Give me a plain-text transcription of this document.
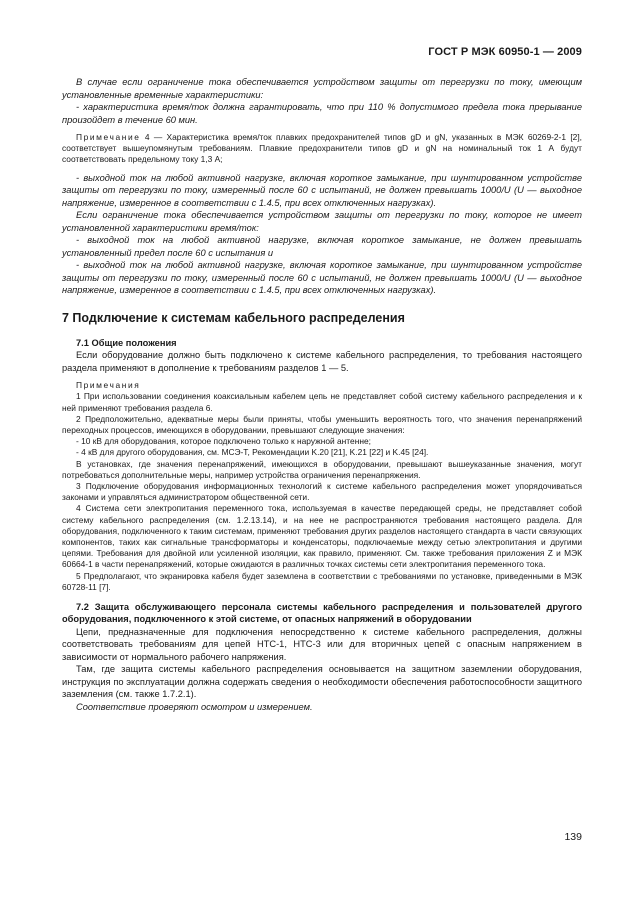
ГОСТ Р МЭК 60950-1 — 2009

В случае если ограничение тока обеспечивается устройством защиты от перегрузки по току, имеющим установленные временные характеристики:

- характеристика время/ток должна гарантировать, что при 110 % допустимого предела тока прерывание произойдет в течение 60 мин.

Примечание 4 — Характеристика время/ток плавких предохранителей типов gD и gN, указанных в МЭК 60269-2-1 [2], соответствует вышеупомянутым требованиям. Плавкие предохранители типов gD и gN на номинальный ток 1 А будут соответствовать предельному току 1,3 А;

- выходной ток на любой активной нагрузке, включая короткое замыкание, при шунтированном устройстве защиты от перегрузки по току, измеренный после 60 с испытаний, не должен превышать 1000/U (U — выходное напряжение, измеренное в соответствии с 1.4.5, при всех отключенных нагрузках).

Если ограничение тока обеспечивается устройством защиты от перегрузки по току, которое не имеет установленной характеристики время/ток:

- выходной ток на любой активной нагрузке, включая короткое замыкание, не должен превышать установленный предел после 60 с испытания и

- выходной ток на любой активной нагрузке, включая короткое замыкание, при шунтированном устройстве защиты от перегрузки по току, измеренный после 60 с испытаний, не должен превышать 1000/U (U — выходное напряжение, измеренное в соответствии с 1.4.5, при всех отключенных нагрузках).

7 Подключение к системам кабельного распределения

7.1 Общие положения

Если оборудование должно быть подключено к системе кабельного распределения, то требования настоящего раздела применяют в дополнение к требованиям разделов 1 — 5.

Примечания

1 При использовании соединения коаксиальным кабелем цепь не представляет собой систему кабельного распределения и к ней применяют требования раздела 6.

2 Предположительно, адекватные меры были приняты, чтобы уменьшить вероятность того, что значения перенапряжений переходных процессов, имеющихся в оборудовании, превышают следующие значения:

- 10 кВ для оборудования, которое подключено только к наружной антенне;

- 4 кВ для другого оборудования, см. МСЭ-Т, Рекомендации K.20 [21], K.21 [22] и K.45 [24].

В установках, где значения перенапряжений, имеющихся в оборудовании, превышают вышеуказанные значения, могут потребоваться дополнительные меры, например устройства ограничения перенапряжения.

3 Подключение оборудования информационных технологий к системе кабельного распределения может упорядочиваться законами и управляться администратором общественной сети.

4 Система сети электропитания переменного тока, используемая в качестве передающей среды, не представляет собой систему кабельного распределения (см. 1.2.13.14), и на нее не распространяются требования настоящего раздела. Для оборудования, подключенного к таким системам, применяют требования других разделов настоящего стандарта в части связующих компонентов, таких как сигнальные трансформаторы и конденсаторы, подключаемые между сетью электропитания и другими цепями. Требования для двойной или усиленной изоляции, как правило, применяют. См. также требования приложения Z и МЭК 60664-1 в части перенапряжений, которые ожидаются в различных точках системы сети электропитания переменного тока.

5 Предполагают, что экранировка кабеля будет заземлена в соответствии с требованиями по установке, приведенными в МЭК 60728-11 [7].

7.2 Защита обслуживающего персонала системы кабельного распределения и пользователей другого оборудования, подключенного к этой системе, от опасных напряжений в оборудовании

Цепи, предназначенные для подключения непосредственно к системе кабельного распределения, должны соответствовать требованиям для цепей НТС-1, НТС-3 или для вторичных цепей с опасным напряжением в зависимости от нормального рабочего напряжения.

Там, где защита системы кабельного распределения основывается на защитном заземлении оборудования, инструкция по эксплуатации должна содержать сведения о необходимости обеспечения работоспособности защитного заземления (см. также 1.7.2.1).

Соответствие проверяют осмотром и измерением.

139
